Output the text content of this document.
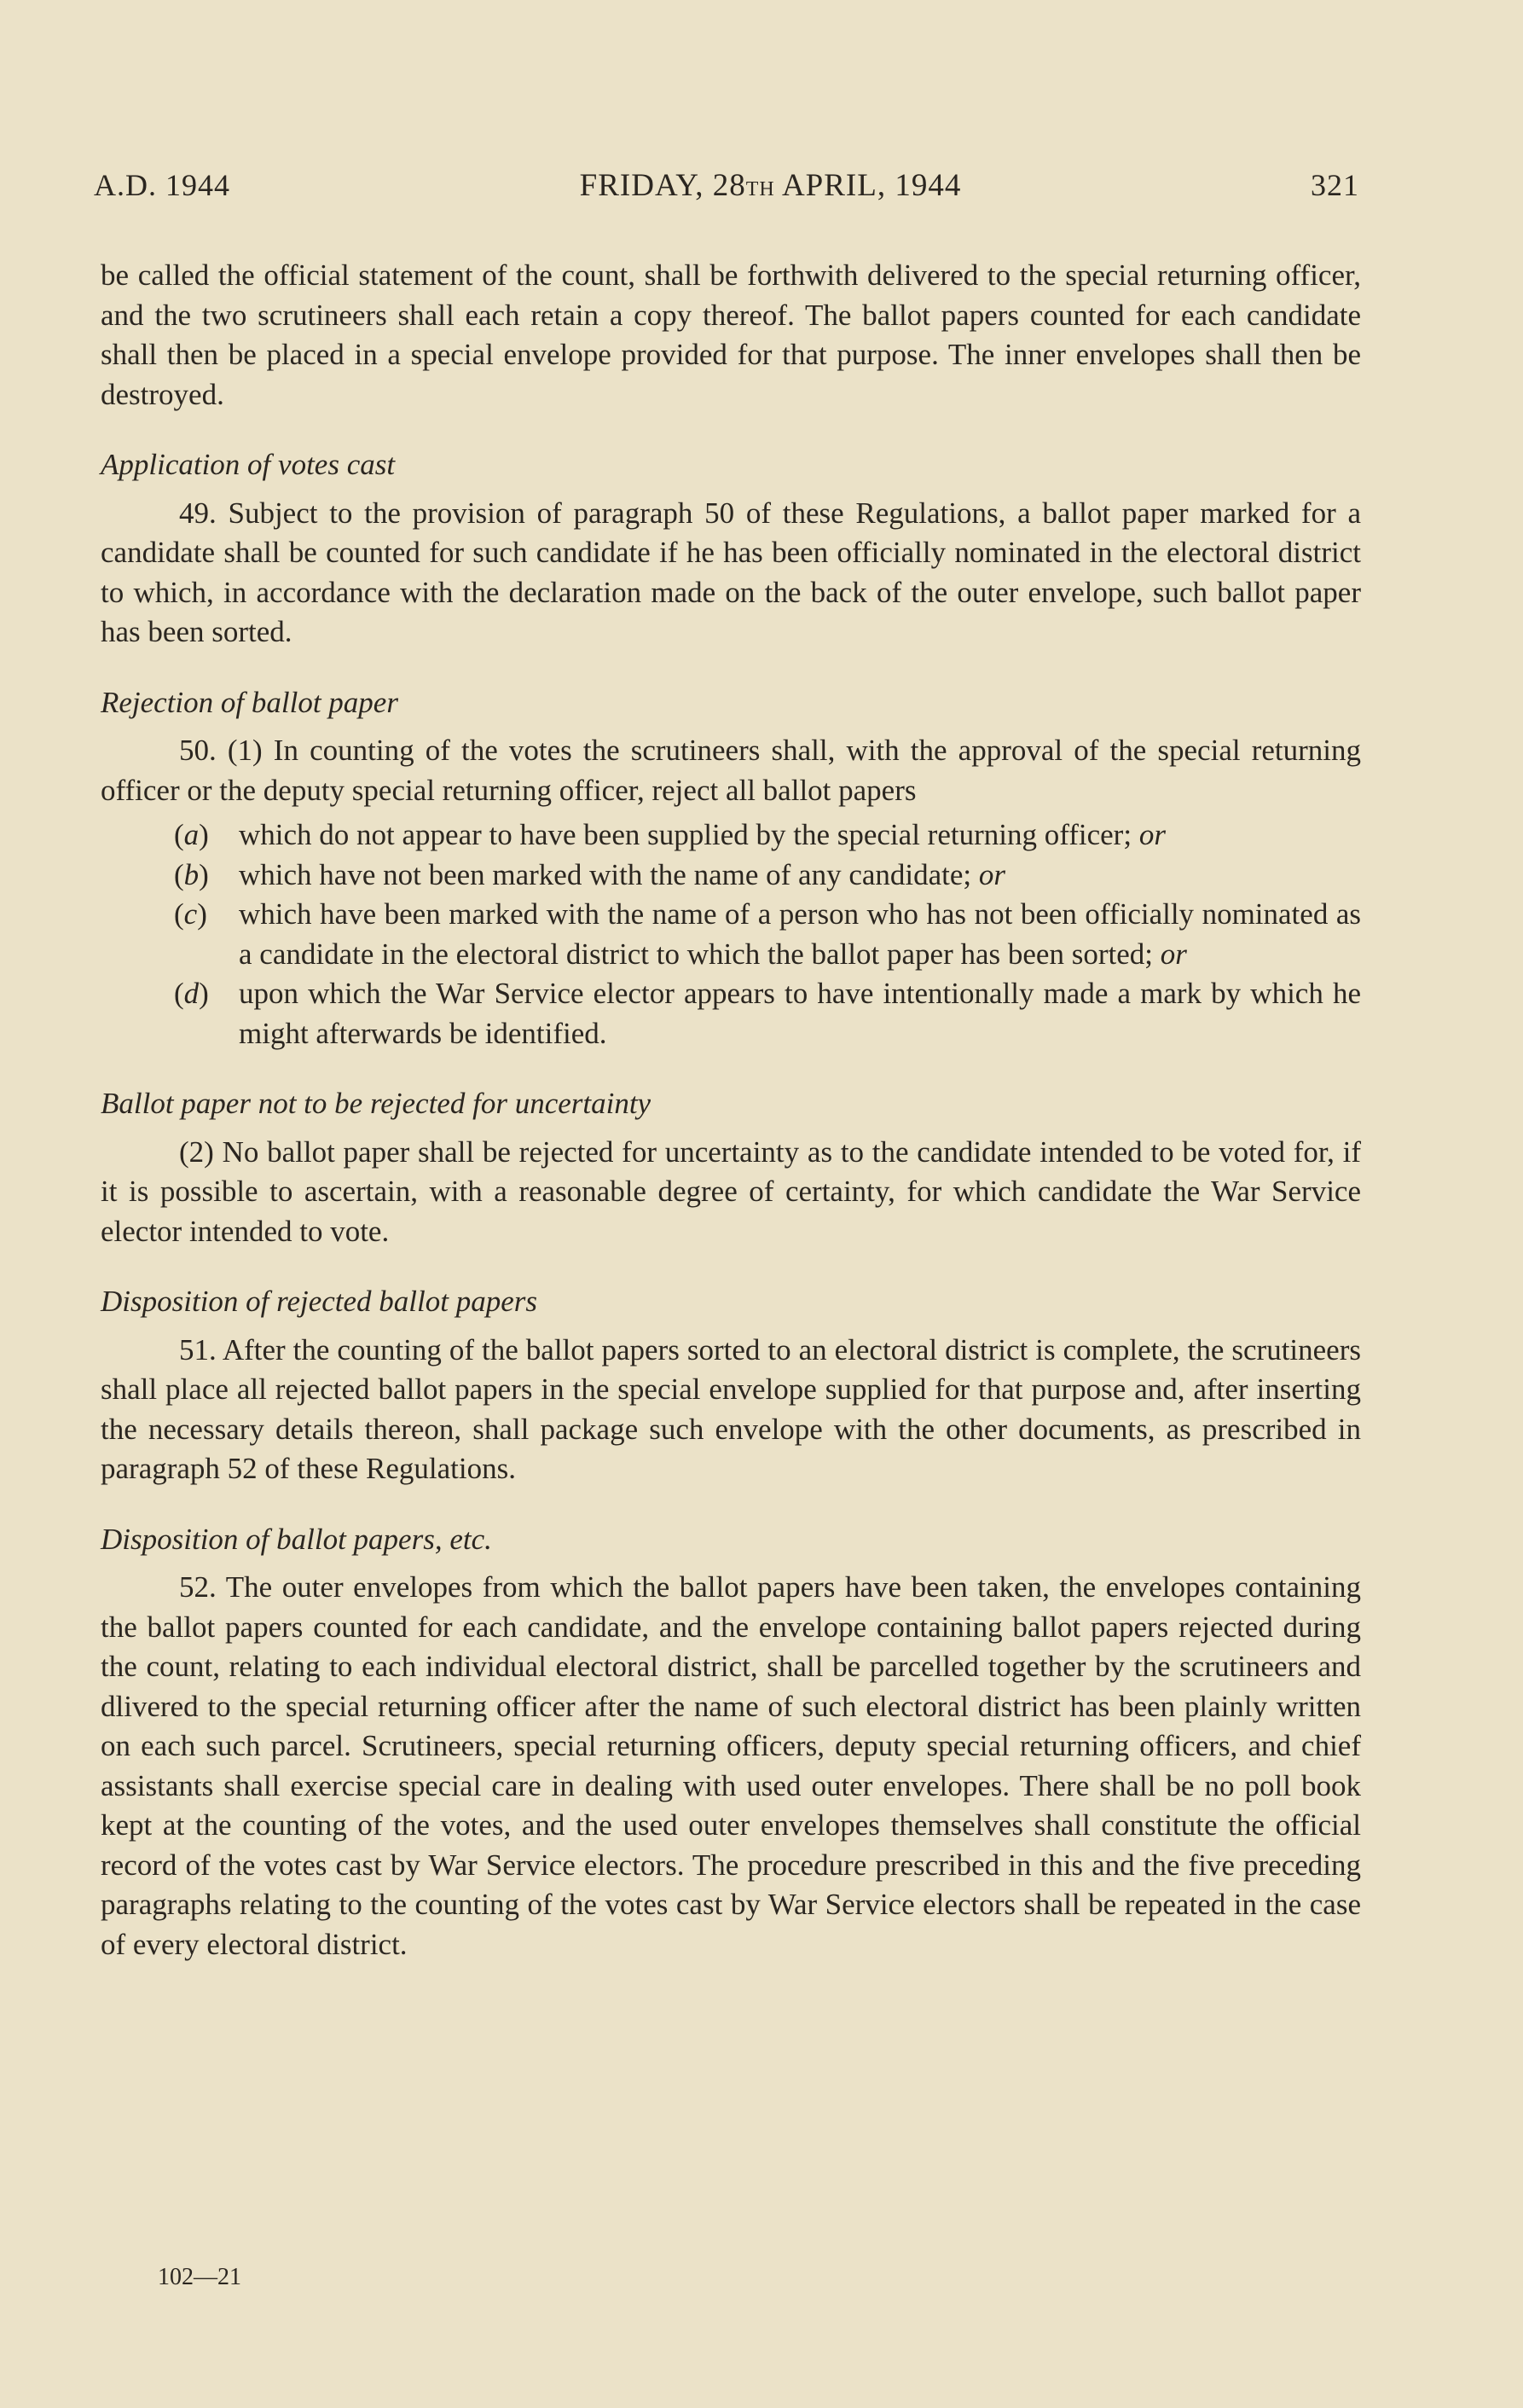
A.D. 1944	FRIDAY, 28TH APRIL, 1944	321

be called the official statement of the count, shall be forthwith delivered to the special returning officer, and the two scrutineers shall each retain a copy thereof. The ballot papers counted for each candidate shall then be placed in a special envelope provided for that purpose. The inner envelopes shall then be destroyed.

Application of votes cast

49. Subject to the provision of paragraph 50 of these Regulations, a ballot paper marked for a candidate shall be counted for such candidate if he has been officially nominated in the electoral district to which, in accordance with the declaration made on the back of the outer envelope, such ballot paper has been sorted.

Rejection of ballot paper

50. (1) In counting of the votes the scrutineers shall, with the approval of the special returning officer or the deputy special returning officer, reject all ballot papers

(a)	which do not appear to have been supplied by the special returning officer; or
(b)	which have not been marked with the name of any candidate; or
(c)	which have been marked with the name of a person who has not been officially nominated as a candidate in the electoral district to which the ballot paper has been sorted; or
(d)	upon which the War Service elector appears to have intentionally made a mark by which he might afterwards be identified.

Ballot paper not to be rejected for uncertainty

(2) No ballot paper shall be rejected for uncertainty as to the candidate intended to be voted for, if it is possible to ascertain, with a reasonable degree of certainty, for which candidate the War Service elector intended to vote.

Disposition of rejected ballot papers

51. After the counting of the ballot papers sorted to an electoral district is complete, the scrutineers shall place all rejected ballot papers in the special envelope supplied for that purpose and, after inserting the necessary details thereon, shall package such envelope with the other documents, as prescribed in paragraph 52 of these Regulations.

Disposition of ballot papers, etc.

52. The outer envelopes from which the ballot papers have been taken, the envelopes containing the ballot papers counted for each candidate, and the envelope containing ballot papers rejected during the count, relating to each individual electoral district, shall be parcelled together by the scrutineers and dlivered to the special returning officer after the name of such electoral district has been plainly written on each such parcel. Scrutineers, special returning officers, deputy special returning officers, and chief assistants shall exercise special care in dealing with used outer envelopes. There shall be no poll book kept at the counting of the votes, and the used outer envelopes themselves shall constitute the official record of the votes cast by War Service electors. The procedure prescribed in this and the five preceding paragraphs relating to the counting of the votes cast by War Service electors shall be repeated in the case of every electoral district.

102—21
